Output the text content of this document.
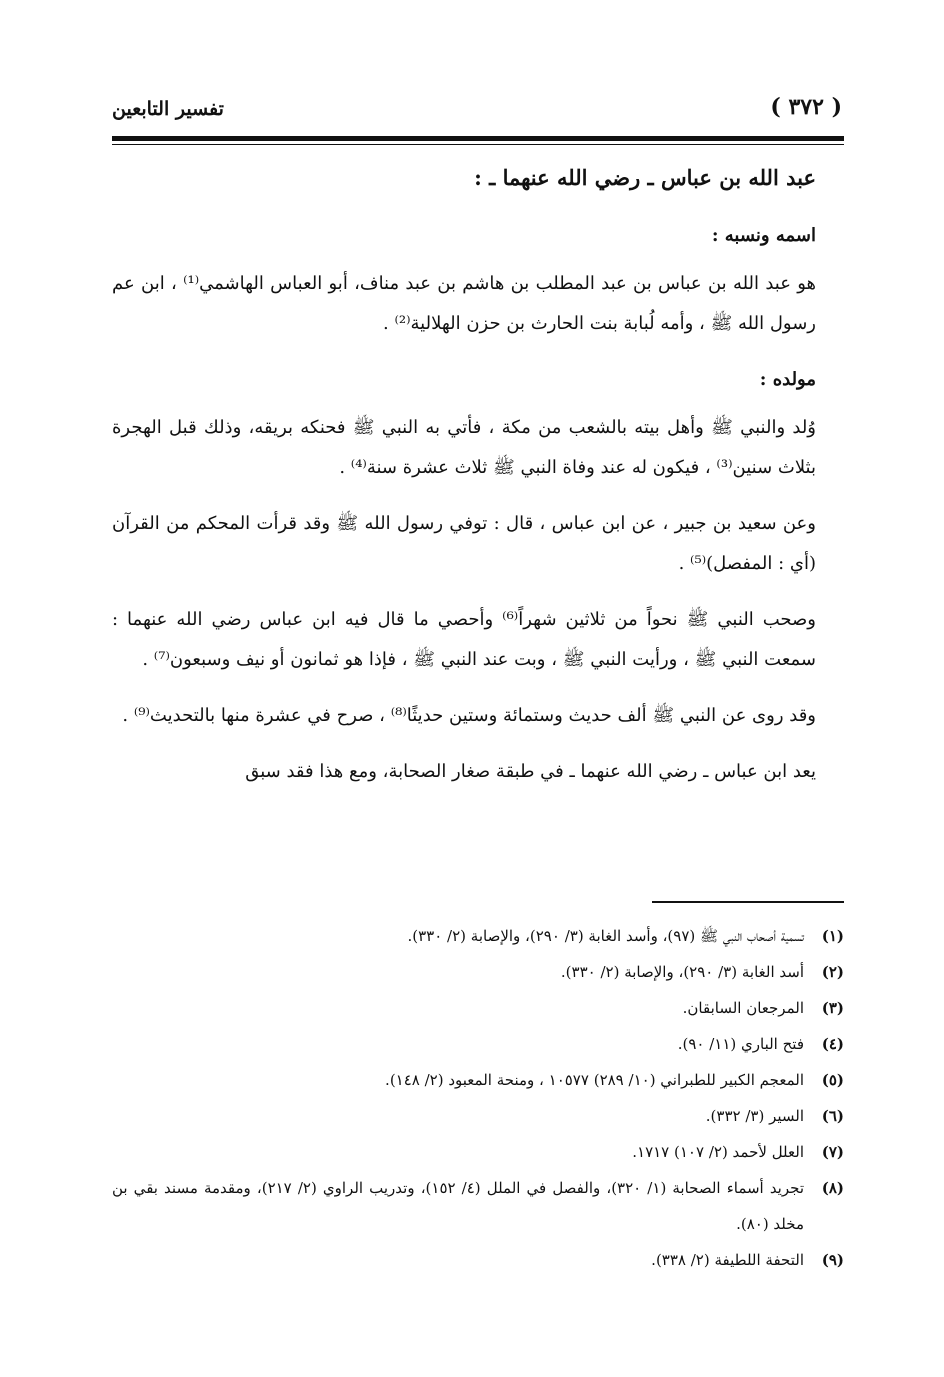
( ٣٧٢ )
تفسير التابعين
عبد الله بن عباس ـ رضي الله عنهما ـ :
اسمه ونسبه :

هو عبد الله بن عباس بن عبد المطلب بن هاشم بن عبد مناف، أبو العباس الهاشمي⁽¹⁾ ، ابن عم رسول الله ﷺ ، وأمه لُبابة بنت الحارث بن حزن الهلالية⁽²⁾ .

مولده :

وُلد والنبي ﷺ وأهل بيته بالشعب من مكة ، فأتي به النبي ﷺ فحنكه بريقه، وذلك قبل الهجرة بثلاث سنين⁽³⁾ ، فيكون له عند وفاة النبي ﷺ ثلاث عشرة سنة⁽⁴⁾ .

وعن سعيد بن جبير ، عن ابن عباس ، قال : توفي رسول الله ﷺ وقد قرأت المحكم من القرآن (أي : المفصل)⁽⁵⁾ .

وصحب النبي ﷺ نحواً من ثلاثين شهراً⁽⁶⁾ وأحصي ما قال فيه ابن عباس رضي الله عنهما : سمعت النبي ﷺ ، ورأيت النبي ﷺ ، وبت عند النبي ﷺ ، فإذا هو ثمانون أو نيف وسبعون⁽⁷⁾ .

وقد روى عن النبي ﷺ ألف حديث وستمائة وستين حديثًا⁽⁸⁾ ، صرح في عشرة منها بالتحديث⁽⁹⁾ .

يعد ابن عباس ـ رضي الله عنهما ـ في طبقة صغار الصحابة، ومع هذا فقد سبق

(١)
تسمية أصحاب النبي ﷺ (٩٧)، وأسد الغابة (٣/ ٢٩٠)، والإصابة (٢/ ٣٣٠).
(٢)
أسد الغابة (٣/ ٢٩٠)، والإصابة (٢/ ٣٣٠).
(٣)
المرجعان السابقان.
(٤)
فتح الباري (١١/ ٩٠).
(٥)
المعجم الكبير للطبراني (١٠/ ٢٨٩) ١٠٥٧٧ ، ومنحة المعبود (٢/ ١٤٨).
(٦)
السير (٣/ ٣٣٢).
(٧)
العلل لأحمد (٢/ ١٠٧) ١٧١٧.
(٨)
تجريد أسماء الصحابة (١/ ٣٢٠)، والفصل في الملل (٤/ ١٥٢)، وتدريب الراوي (٢/ ٢١٧)، ومقدمة مسند بقي بن مخلد (٨٠).
(٩)
التحفة اللطيفة (٢/ ٣٣٨).
